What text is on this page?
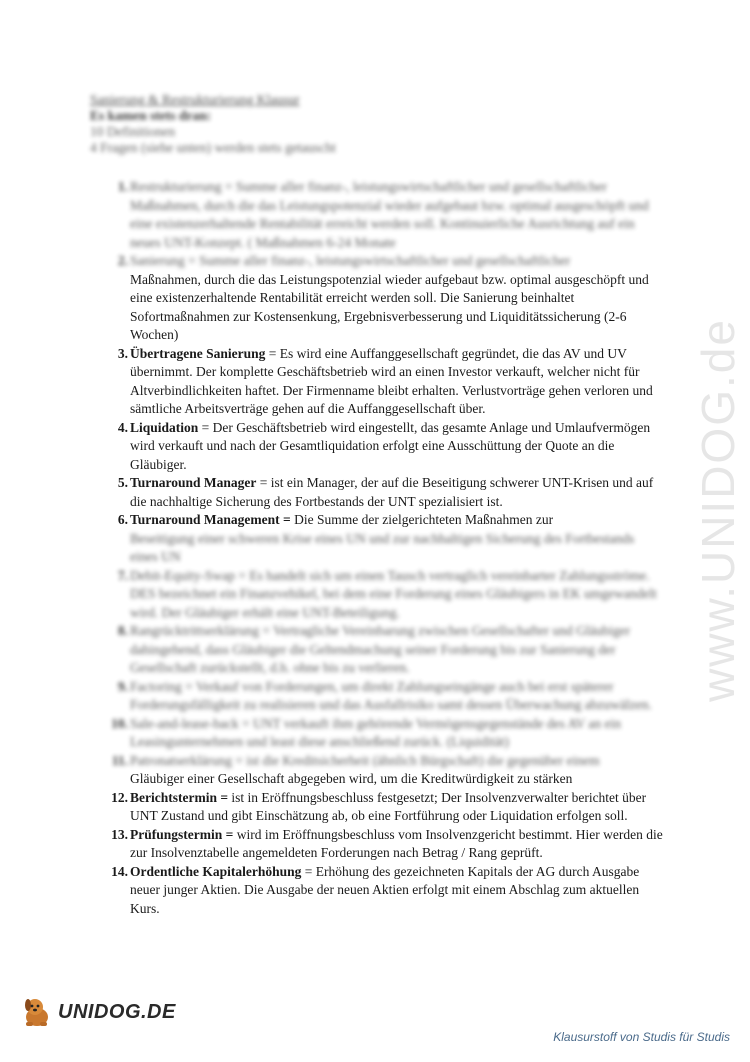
www.UNIDOG.de
Sanierung & Restrukturierung Klausur
Es kamen stets dran:
10 Definitionen
4 Fragen (siehe unten) werden stets getauscht
1. Restrukturierung = Summe aller finanz-, leistungswirtschaftlicher und gesellschaftlicher Maßnahmen, durch die das Leistungspotenzial wieder aufgebaut bzw. optimal ausgeschöpft und eine existenzerhaltende Rentabilität erreicht werden soll. Kontinuierliche Ausrichtung auf ein neues UNT-Konzept. ( Maßnahmen 6-24 Monate
2. Sanierung = Summe aller finanz-, leistungswirtschaftlicher und gesellschaftlicher
Maßnahmen, durch die das Leistungspotenzial wieder aufgebaut bzw. optimal ausgeschöpft und eine existenzerhaltende Rentabilität erreicht werden soll. Die Sanierung beinhaltet Sofortmaßnahmen zur Kostensenkung, Ergebnisverbesserung und Liquiditätssicherung (2-6 Wochen)
3. Übertragene Sanierung = Es wird eine Auffanggesellschaft gegründet, die das AV und UV übernimmt. Der komplette Geschäftsbetrieb wird an einen Investor verkauft, welcher nicht für Altverbindlichkeiten haftet. Der Firmenname bleibt erhalten. Verlustvorträge gehen verloren und sämtliche Arbeitsverträge gehen auf die Auffanggesellschaft über.
4. Liquidation = Der Geschäftsbetrieb wird eingestellt, das gesamte Anlage und Umlaufvermögen wird verkauft und nach der Gesamtliquidation erfolgt eine Ausschüttung der Quote an die Gläubiger.
5. Turnaround Manager = ist ein Manager, der auf die Beseitigung schwerer UNT-Krisen und auf die nachhaltige Sicherung des Fortbestands der UNT spezialisiert ist.
6. Turnaround Management = Die Summe der zielgerichteten Maßnahmen zur
Beseitigung einer schweren Krise eines UN und zur nachhaltigen Sicherung des Fortbestands eines UN
7. Debit-Equity-Swap = Es handelt sich um einen Tausch vertraglich vereinbarter Zahlungsströme. DES bezeichnet ein Finanzvehikel, bei dem eine Forderung eines Gläubigers in EK umgewandelt wird. Der Gläubiger erhält eine UNT-Beteiligung.
8. Rangrücktrittserklärung = Vertragliche Vereinbarung zwischen Gesellschafter und Gläubiger dahingehend, dass Gläubiger die Geltendmachung seiner Forderung bis zur Sanierung der Gesellschaft zurückstellt, d.h. ohne bis zu verlieren.
9. Factoring = Verkauf von Forderungen, um direkt Zahlungseingänge auch bei erst späterer Forderungsfälligkeit zu realisieren und das Ausfallrisiko samt dessen Überwachung abzuwälzen.
10. Sale-and-lease-back = UNT verkauft ihm gehörende Vermögensgegenstände des AV an ein Leasingunternehmen und least diese anschließend zurück. (Liquidität)
11. Patronatserklärung = ist die Kreditsicherheit (ähnlich Bürgschaft) die gegenüber einem
Gläubiger einer Gesellschaft abgegeben wird, um die Kreditwürdigkeit zu stärken
12. Berichtstermin = ist in Eröffnungsbeschluss festgesetzt; Der Insolvenzverwalter berichtet über UNT Zustand und gibt Einschätzung ab, ob eine Fortführung oder Liquidation erfolgen soll.
13. Prüfungstermin = wird im Eröffnungsbeschluss vom Insolvenzgericht bestimmt. Hier werden die zur Insolvenztabelle angemeldeten Forderungen nach Betrag / Rang geprüft.
14. Ordentliche Kapitalerhöhung = Erhöhung des gezeichneten Kapitals der AG durch Ausgabe neuer junger Aktien. Die Ausgabe der neuen Aktien erfolgt mit einem Abschlag zum aktuellen Kurs.
UNIDOG.DE
Klausurstoff von Studis für Studis
